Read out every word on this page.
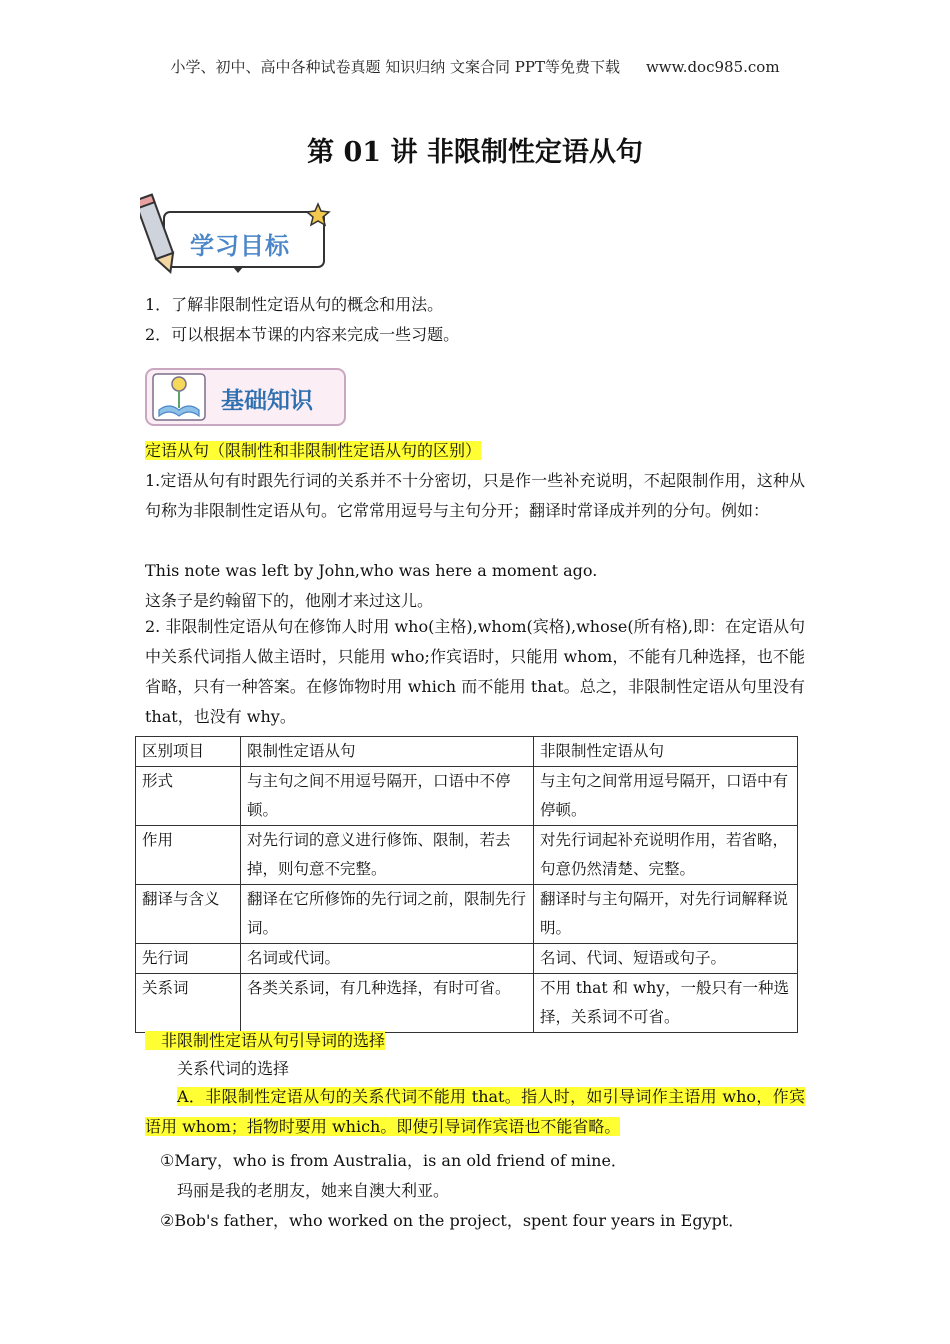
小学、初中、高中各种试卷真题 知识归纳 文案合同 PPT等免费下载 www.doc985.com
第 01 讲 非限制性定语从句
学习目标
1．了解非限制性定语从句的概念和用法。
2．可以根据本节课的内容来完成一些习题。
基础知识
定语从句（限制性和非限制性定语从句的区别）
1.定语从句有时跟先行词的关系并不十分密切，只是作一些补充说明，不起限制作用，这种从句称为非限制性定语从句。它常常用逗号与主句分开；翻译时常译成并列的分句。例如：
This note was left by John,who was here a moment ago.
这条子是约翰留下的，他刚才来过这儿。
2. 非限制性定语从句在修饰人时用 who(主格),whom(宾格),whose(所有格),即：在定语从句中关系代词指人做主语时，只能用 who;作宾语时，只能用 whom，不能有几种选择，也不能省略，只有一种答案。在修饰物时用 which 而不能用 that。总之，非限制性定语从句里没有 that，也没有 why。
区别项目	限制性定语从句	非限制性定语从句
形式	与主句之间不用逗号隔开，口语中不停顿。	与主句之间常用逗号隔开，口语中有停顿。
作用	对先行词的意义进行修饰、限制，若去掉，则句意不完整。	对先行词起补充说明作用，若省略，句意仍然清楚、完整。
翻译与含义	翻译在它所修饰的先行词之前，限制先行词。	翻译时与主句隔开，对先行词解释说明。
先行词	名词或代词。	名词、代词、短语或句子。
关系词	各类关系词，有几种选择，有时可省。	不用 that 和 why，一般只有一种选择，关系词不可省。
非限制性定语从句引导词的选择
关系代词的选择
A．非限制性定语从句的关系代词不能用 that。指人时，如引导词作主语用 who，作宾语用 whom；指物时要用 which。即使引导词作宾语也不能省略。
①Mary，who is from Australia，is an old friend of mine．
玛丽是我的老朋友，她来自澳大利亚。
②Bob's father，who worked on the project，spent four years in Egypt．
